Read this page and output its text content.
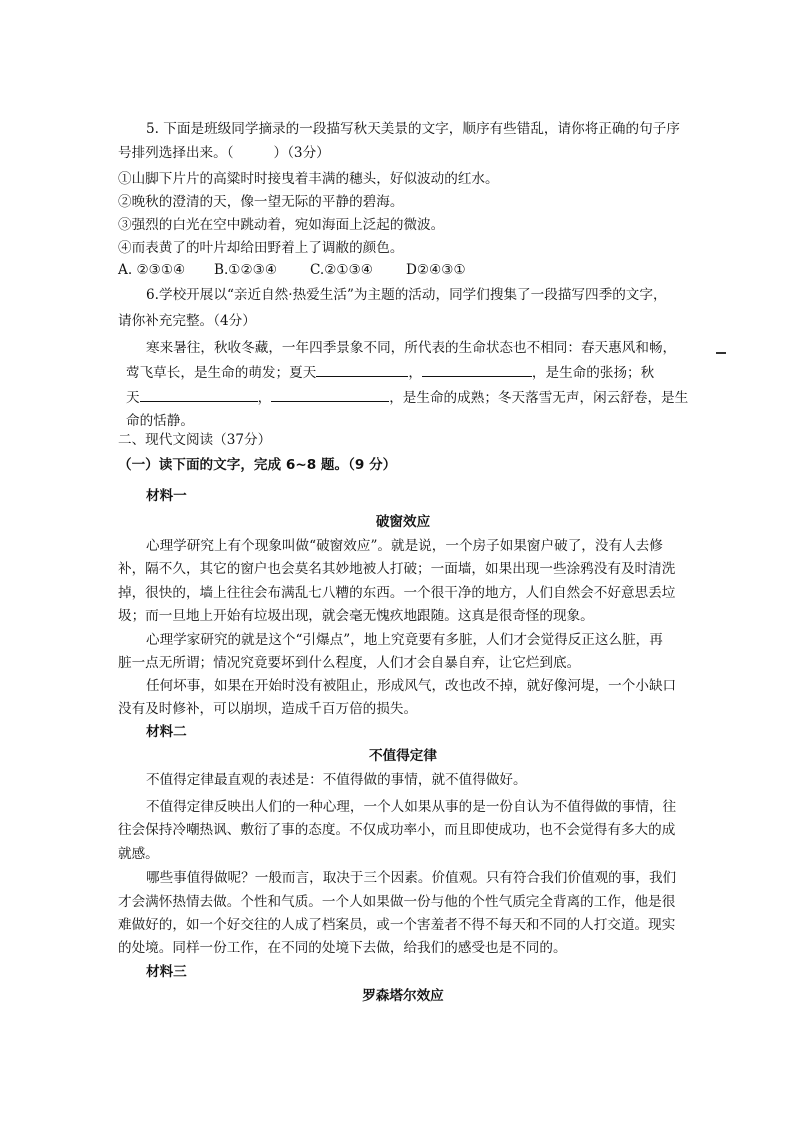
5. 下面是班级同学摘录的一段描写秋天美景的文字，顺序有些错乱，请你将正确的句子序
号排列选择出来。（	）（3分）
①山脚下片片的高粱时时接曳着丰满的穗头，好似波动的红水。
②晚秋的澄清的天，像一望无际的平静的碧海。
③强烈的白光在空中跳动着，宛如海面上泛起的微波。
④而表黄了的叶片却给田野着上了调敝的颜色。
A. ②③①④ B.①②③④ C.②①③④ D②④③①
6.学校开展以“亲近自然·热爱生活”为主题的活动，同学们搜集了一段描写四季的文字，
请你补充完整。（4分）
寒来暑往，秋收冬藏，一年四季景象不同，所代表的生命状态也不相同：春天惠风和畅，
莺飞草长，是生命的萌发；夏天	，	，是生命的张扬；秋
天	，	，是生命的成熟；冬天落雪无声，闲云舒卷，是生
命的恬静。
二、现代文阅读（37分）
（一）读下面的文字，完成 6~8 题。（9 分）
材料一
破窗效应
心理学研究上有个现象叫做“破窗效应”。就是说，一个房子如果窗户破了，没有人去修
补，隔不久，其它的窗户也会莫名其妙地被人打破；一面墙，如果出现一些涂鸦没有及时清洗
掉，很快的，墙上往往会布满乱七八糟的东西。一个很干净的地方，人们自然会不好意思丢垃
圾；而一旦地上开始有垃圾出现，就会毫无愧疚地跟随。这真是很奇怪的现象。
心理学家研究的就是这个“引爆点”，地上究竟要有多脏，人们才会觉得反正这么脏，再
脏一点无所谓；情况究竟要坏到什么程度，人们才会自暴自弃，让它烂到底。
任何坏事，如果在开始时没有被阻止，形成风气，改也改不掉，就好像河堤，一个小缺口
没有及时修补，可以崩坝，造成千百万倍的损失。
材料二
不值得定律
不值得定律最直观的表述是：不值得做的事情，就不值得做好。
不值得定律反映出人们的一种心理，一个人如果从事的是一份自认为不值得做的事情，往
往会保持冷嘲热讽、敷衍了事的态度。不仅成功率小，而且即使成功，也不会觉得有多大的成
就感。
哪些事值得做呢？一般而言，取决于三个因素。价值观。只有符合我们价值观的事，我们
才会满怀热情去做。个性和气质。一个人如果做一份与他的个性气质完全背离的工作，他是很
难做好的，如一个好交往的人成了档案员，或一个害羞者不得不每天和不同的人打交道。现实
的处境。同样一份工作，在不同的处境下去做，给我们的感受也是不同的。
材料三
罗森塔尔效应
